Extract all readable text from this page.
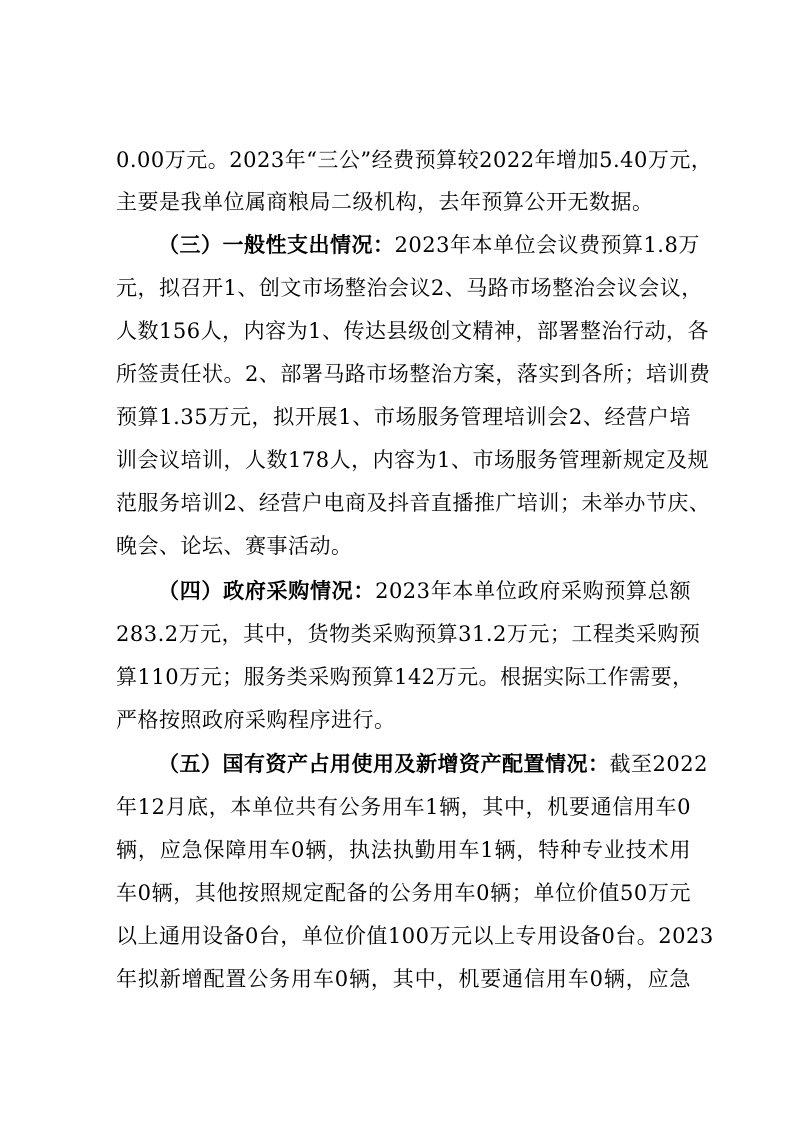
0.00万元。2023年“三公”经费预算较2022年增加5.40万元，
主要是我单位属商粮局二级机构，去年预算公开无数据。
（三）一般性支出情况：2023年本单位会议费预算1.8万
元，拟召开1、创文市场整治会议2、马路市场整治会议会议，
人数156人，内容为1、传达县级创文精神，部署整治行动，各
所签责任状。2、部署马路市场整治方案，落实到各所；培训费
预算1.35万元，拟开展1、市场服务管理培训会2、经营户培
训会议培训，人数178人，内容为1、市场服务管理新规定及规
范服务培训2、经营户电商及抖音直播推广培训；未举办节庆、
晚会、论坛、赛事活动。
（四）政府采购情况：2023年本单位政府采购预算总额
283.2万元，其中，货物类采购预算31.2万元；工程类采购预
算110万元；服务类采购预算142万元。根据实际工作需要，
严格按照政府采购程序进行。
（五）国有资产占用使用及新增资产配置情况：截至2022
年12月底，本单位共有公务用车1辆，其中，机要通信用车0
辆，应急保障用车0辆，执法执勤用车1辆，特种专业技术用
车0辆，其他按照规定配备的公务用车0辆；单位价值50万元
以上通用设备0台，单位价值100万元以上专用设备0台。2023
年拟新增配置公务用车0辆，其中，机要通信用车0辆，应急
